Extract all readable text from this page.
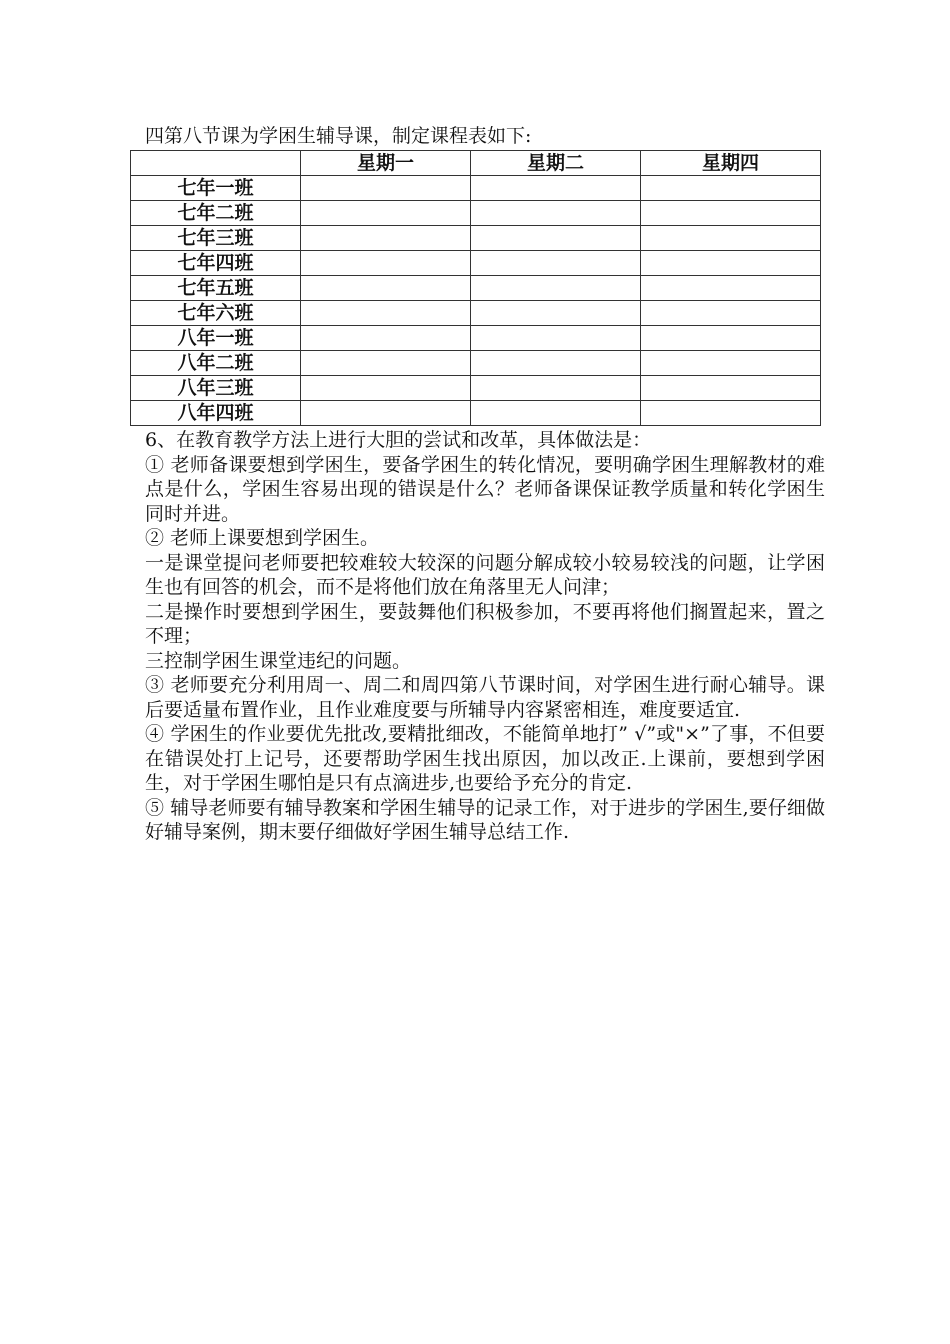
四第八节课为学困生辅导课，制定课程表如下:
	星期一	星期二	星期四
七年一班			
七年二班			
七年三班			
七年四班			
七年五班			
七年六班			
八年一班			
八年二班			
八年三班			
八年四班			

6、在教育教学方法上进行大胆的尝试和改革，具体做法是：

① 老师备课要想到学困生，要备学困生的转化情况，要明确学困生理解教材的难点是什么，学困生容易出现的错误是什么？老师备课保证教学质量和转化学困生同时并进。

② 老师上课要想到学困生。

一是课堂提问老师要把较难较大较深的问题分解成较小较易较浅的问题，让学困生也有回答的机会，而不是将他们放在角落里无人问津；

二是操作时要想到学困生，要鼓舞他们积极参加，不要再将他们搁置起来，置之不理；

三控制学困生课堂违纪的问题。

③ 老师要充分利用周一、周二和周四第八节课时间，对学困生进行耐心辅导。课后要适量布置作业，且作业难度要与所辅导内容紧密相连，难度要适宜.

④ 学困生的作业要优先批改,要精批细改，不能简单地打” √”或"×”了事，不但要在错误处打上记号，还要帮助学困生找出原因，加以改正.上课前，要想到学困生，对于学困生哪怕是只有点滴进步,也要给予充分的肯定.

⑤ 辅导老师要有辅导教案和学困生辅导的记录工作，对于进步的学困生,要仔细做好辅导案例，期末要仔细做好学困生辅导总结工作.
